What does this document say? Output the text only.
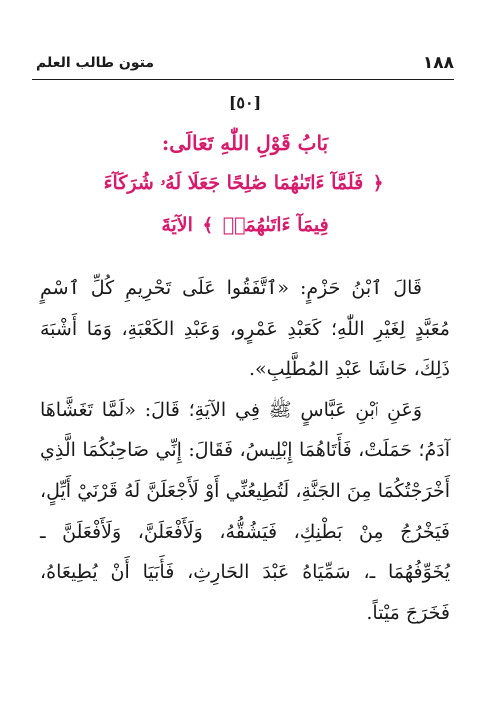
١٨٨
متون طالب العلم
[٥٠]
بَابُ قَوْلِ اللّٰهِ تَعَالَى:
﴿ فَلَمَّآ ءَاتَىٰهُمَا صَٰلِحًا جَعَلَا لَهُۥ شُرَكَآءَ
فِيمَآ ءَاتَىٰهُمَاۚ ﴾ الآيَةَ

قَالَ ٱبْنُ حَزْمٍ: «ٱتَّفَقُوا عَلَى تَحْرِيمِ كُلِّ ٱسْمٍ مُعَبَّدٍ لِغَيْرِ اللّٰهِ؛ كَعَبْدِ عَمْرٍو، وَعَبْدِ الكَعْبَةِ، وَمَا أَشْبَهَ ذَلِكَ، حَاشَا عَبْدِ المُطَّلِبِ».

وَعَنِ ٱبْنِ عَبَّاسٍ ﷺ فِي الآيَةِ؛ قَالَ: «لَمَّا تَغَشَّاهَا آدَمُ؛ حَمَلَتْ، فَأَتَاهُمَا إِبْلِيسُ، فَقَالَ: إِنِّي صَاحِبُكُمَا الَّذِي أَخْرَجْتُكُمَا مِنَ الجَنَّةِ، لَتُطِيعُنِّي أَوْ لَأَجْعَلَنَّ لَهُ قَرْنَيْ أَيِّلٍ، فَيَخْرُجُ مِنْ بَطْنِكِ، فَيَشُقُّهُ، وَلَأَفْعَلَنَّ، وَلَأَفْعَلَنَّ ـ يُخَوِّفُهُمَا ـ، سَمِّيَاهُ عَبْدَ الحَارِثِ، فَأَبَيَا أَنْ يُطِيعَاهُ، فَخَرَجَ مَيْتاً.
